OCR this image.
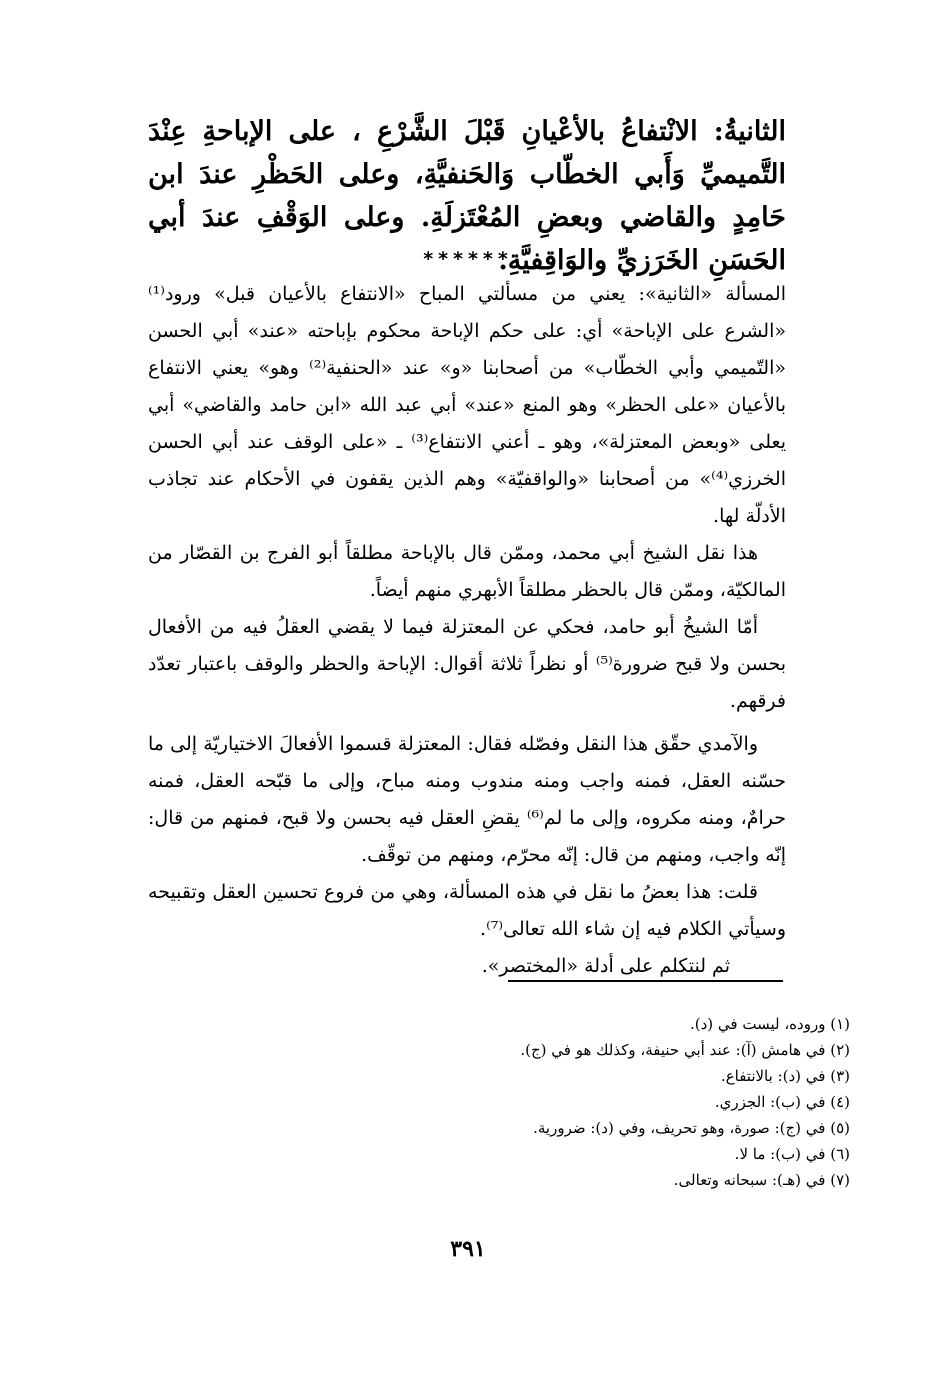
الثانيةُ: الانْتفاعُ بالأعْيانِ قَبْلَ الشَّرْعِ ، على الإباحةِ عِنْدَ التَّميميِّ وَأَبي الخطّاب وَالحَنفيَّةِ، وعلى الحَظْرِ عندَ ابن حَامِدٍ والقاضي وبعضِ المُعْتَزلَةِ. وعلى الوَقْفِ عندَ أبي الحَسَنِ الخَرَزيِّ والوَاقِفيَّةِ.
******

المسألة «الثانية»: يعني من مسألتي المباح «الانتفاع بالأعيان قبل» ورود⁽¹⁾ «الشرع على الإباحة» أي: على حكم الإباحة محكوم بإباحته «عند» أبي الحسن «التّميمي وأبي الخطّاب» من أصحابنا «و» عند «الحنفية⁽²⁾ وهو» يعني الانتفاع بالأعيان «على الحظر» وهو المنع «عند» أبي عبد الله «ابن حامد والقاضي» أبي يعلى «وبعض المعتزلة»، وهو ـ أعني الانتفاع⁽³⁾ ـ «على الوقف عند أبي الحسن الخرزي⁽⁴⁾» من أصحابنا «والواقفيّة» وهم الذين يقفون في الأحكام عند تجاذب الأدلّة لها.

هذا نقل الشيخ أبي محمد، وممّن قال بالإباحة مطلقاً أبو الفرج بن القصّار من المالكيّة، وممّن قال بالحظر مطلقاً الأبهري منهم أيضاً.

أمّا الشيخُ أبو حامد، فحكي عن المعتزلة فيما لا يقضي العقلُ فيه من الأفعال بحسن ولا قبح ضرورة⁽⁵⁾ أو نظراً ثلاثة أقوال: الإباحة والحظر والوقف باعتبار تعدّد فرقهم.

والآمدي حقّق هذا النقل وفصّله فقال: المعتزلة قسموا الأفعالَ الاختياريّة إلى ما حسّنه العقل، فمنه واجب ومنه مندوب ومنه مباح، وإلى ما قبّحه العقل، فمنه حرامٌ، ومنه مكروه، وإلى ما لم⁽⁶⁾ يقضِ العقل فيه بحسن ولا قبح، فمنهم من قال: إنّه واجب، ومنهم من قال: إنّه محرّم، ومنهم من توقّف.

قلت: هذا بعضُ ما نقل في هذه المسألة، وهي من فروع تحسين العقل وتقبيحه وسيأتي الكلام فيه إن شاء الله تعالى⁽⁷⁾.

ثم لنتكلم على أدلة «المختصر».

(١) وروده، ليست في (د).
(٢) في هامش (آ): عند أبي حنيفة، وكذلك هو في (ج).
(٣) في (د): بالانتفاع.
(٤) في (ب): الجزري.
(٥) في (ج): صورة، وهو تحريف، وفي (د): ضرورية.
(٦) في (ب): ما لا.
(٧) في (هـ): سبحانه وتعالى.
٣٩١
